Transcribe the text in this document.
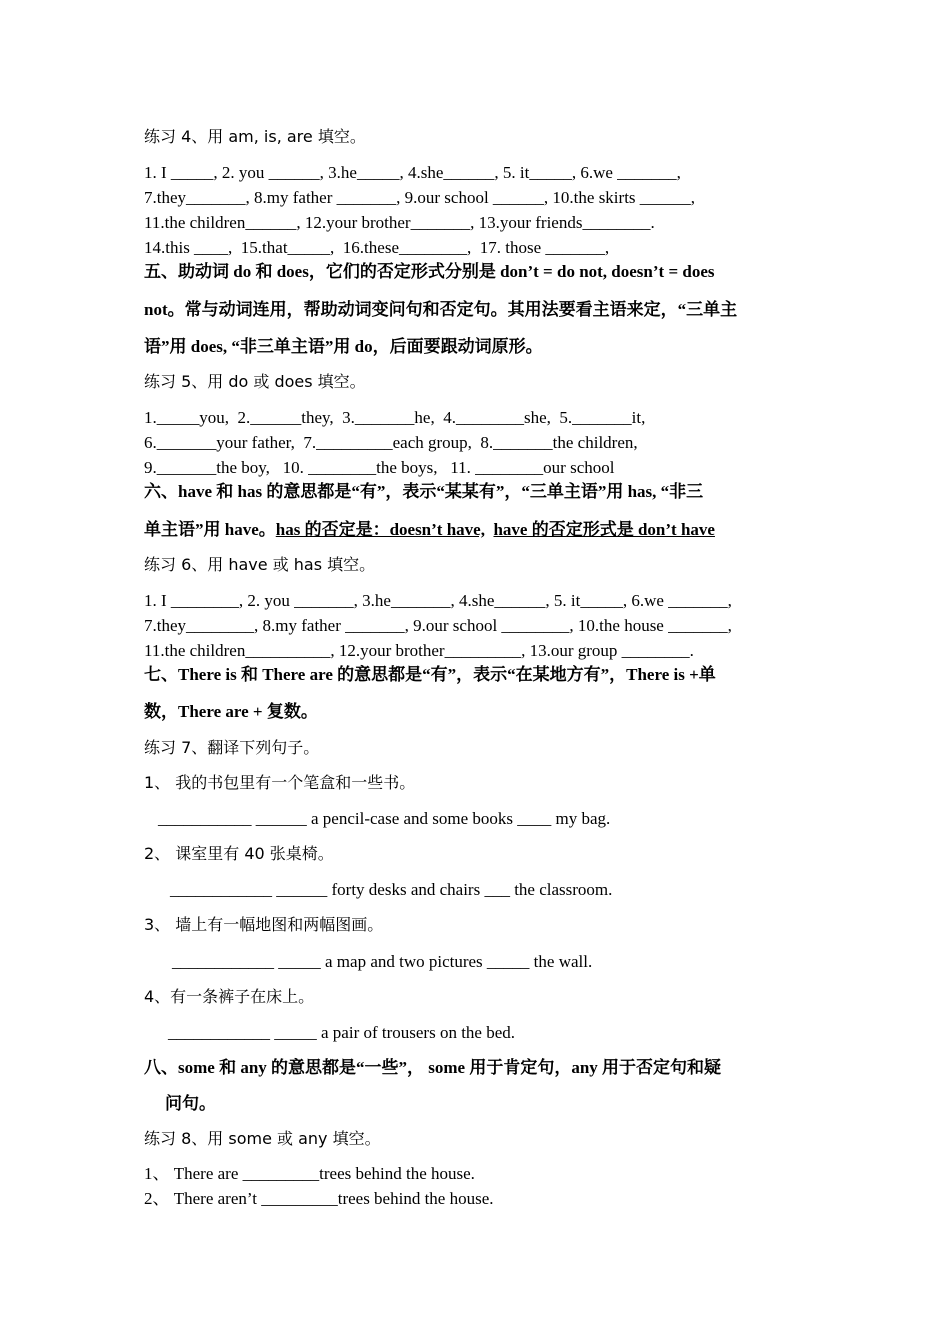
练习 4、用 am, is, are 填空。
1. I _____, 2. you ______, 3.he_____, 4.she______, 5. it_____, 6.we _______,
7.they_______, 8.my father _______, 9.our school ______, 10.the skirts ______,
11.the children______, 12.your brother_______, 13.your friends________.
14.this ____,  15.that_____,  16.these________,  17. those _______,
五、助动词 do 和 does，它们的否定形式分别是 don’t = do not, doesn’t = does
not。常与动词连用，帮助动词变问句和否定句。其用法要看主语来定，“三单主
语”用 does, “非三单主语”用 do，后面要跟动词原形。
练习 5、用 do 或 does 填空。
1._____you,  2.______they,  3._______he,  4.________she,  5._______it,
6._______your father,  7._________each group,  8._______the children,
9._______the boy,   10. ________the boys,   11. ________our school
六、have 和 has 的意思都是“有”，表示“某某有”，“三单主语”用 has, “非三
单主语”用 have。has 的否定是：doesn’t have, have 的否定形式是 don’t have
练习 6、用 have 或 has 填空。
1. I ________, 2. you _______, 3.he_______, 4.she______, 5. it_____, 6.we _______,
7.they________, 8.my father _______, 9.our school ________, 10.the house _______,
11.the children__________, 12.your brother_________, 13.our group ________.
七、There is 和 There are 的意思都是“有”，表示“在某地方有”，There is +单
数，There are + 复数。
练习 7、翻译下列句子。
1、 我的书包里有一个笔盒和一些书。
___________ ______ a pencil-case and some books ____ my bag.
2、 课室里有 40 张桌椅。
____________ ______ forty desks and chairs ___ the classroom.
3、 墙上有一幅地图和两幅图画。
____________ _____ a map and two pictures _____ the wall.
4、有一条裤子在床上。
____________ _____ a pair of trousers on the bed.
八、some 和 any 的意思都是“一些”， some 用于肯定句，any 用于否定句和疑
问句。
练习 8、用 some 或 any 填空。
1、 There are _________trees behind the house.
2、 There aren’t _________trees behind the house.
